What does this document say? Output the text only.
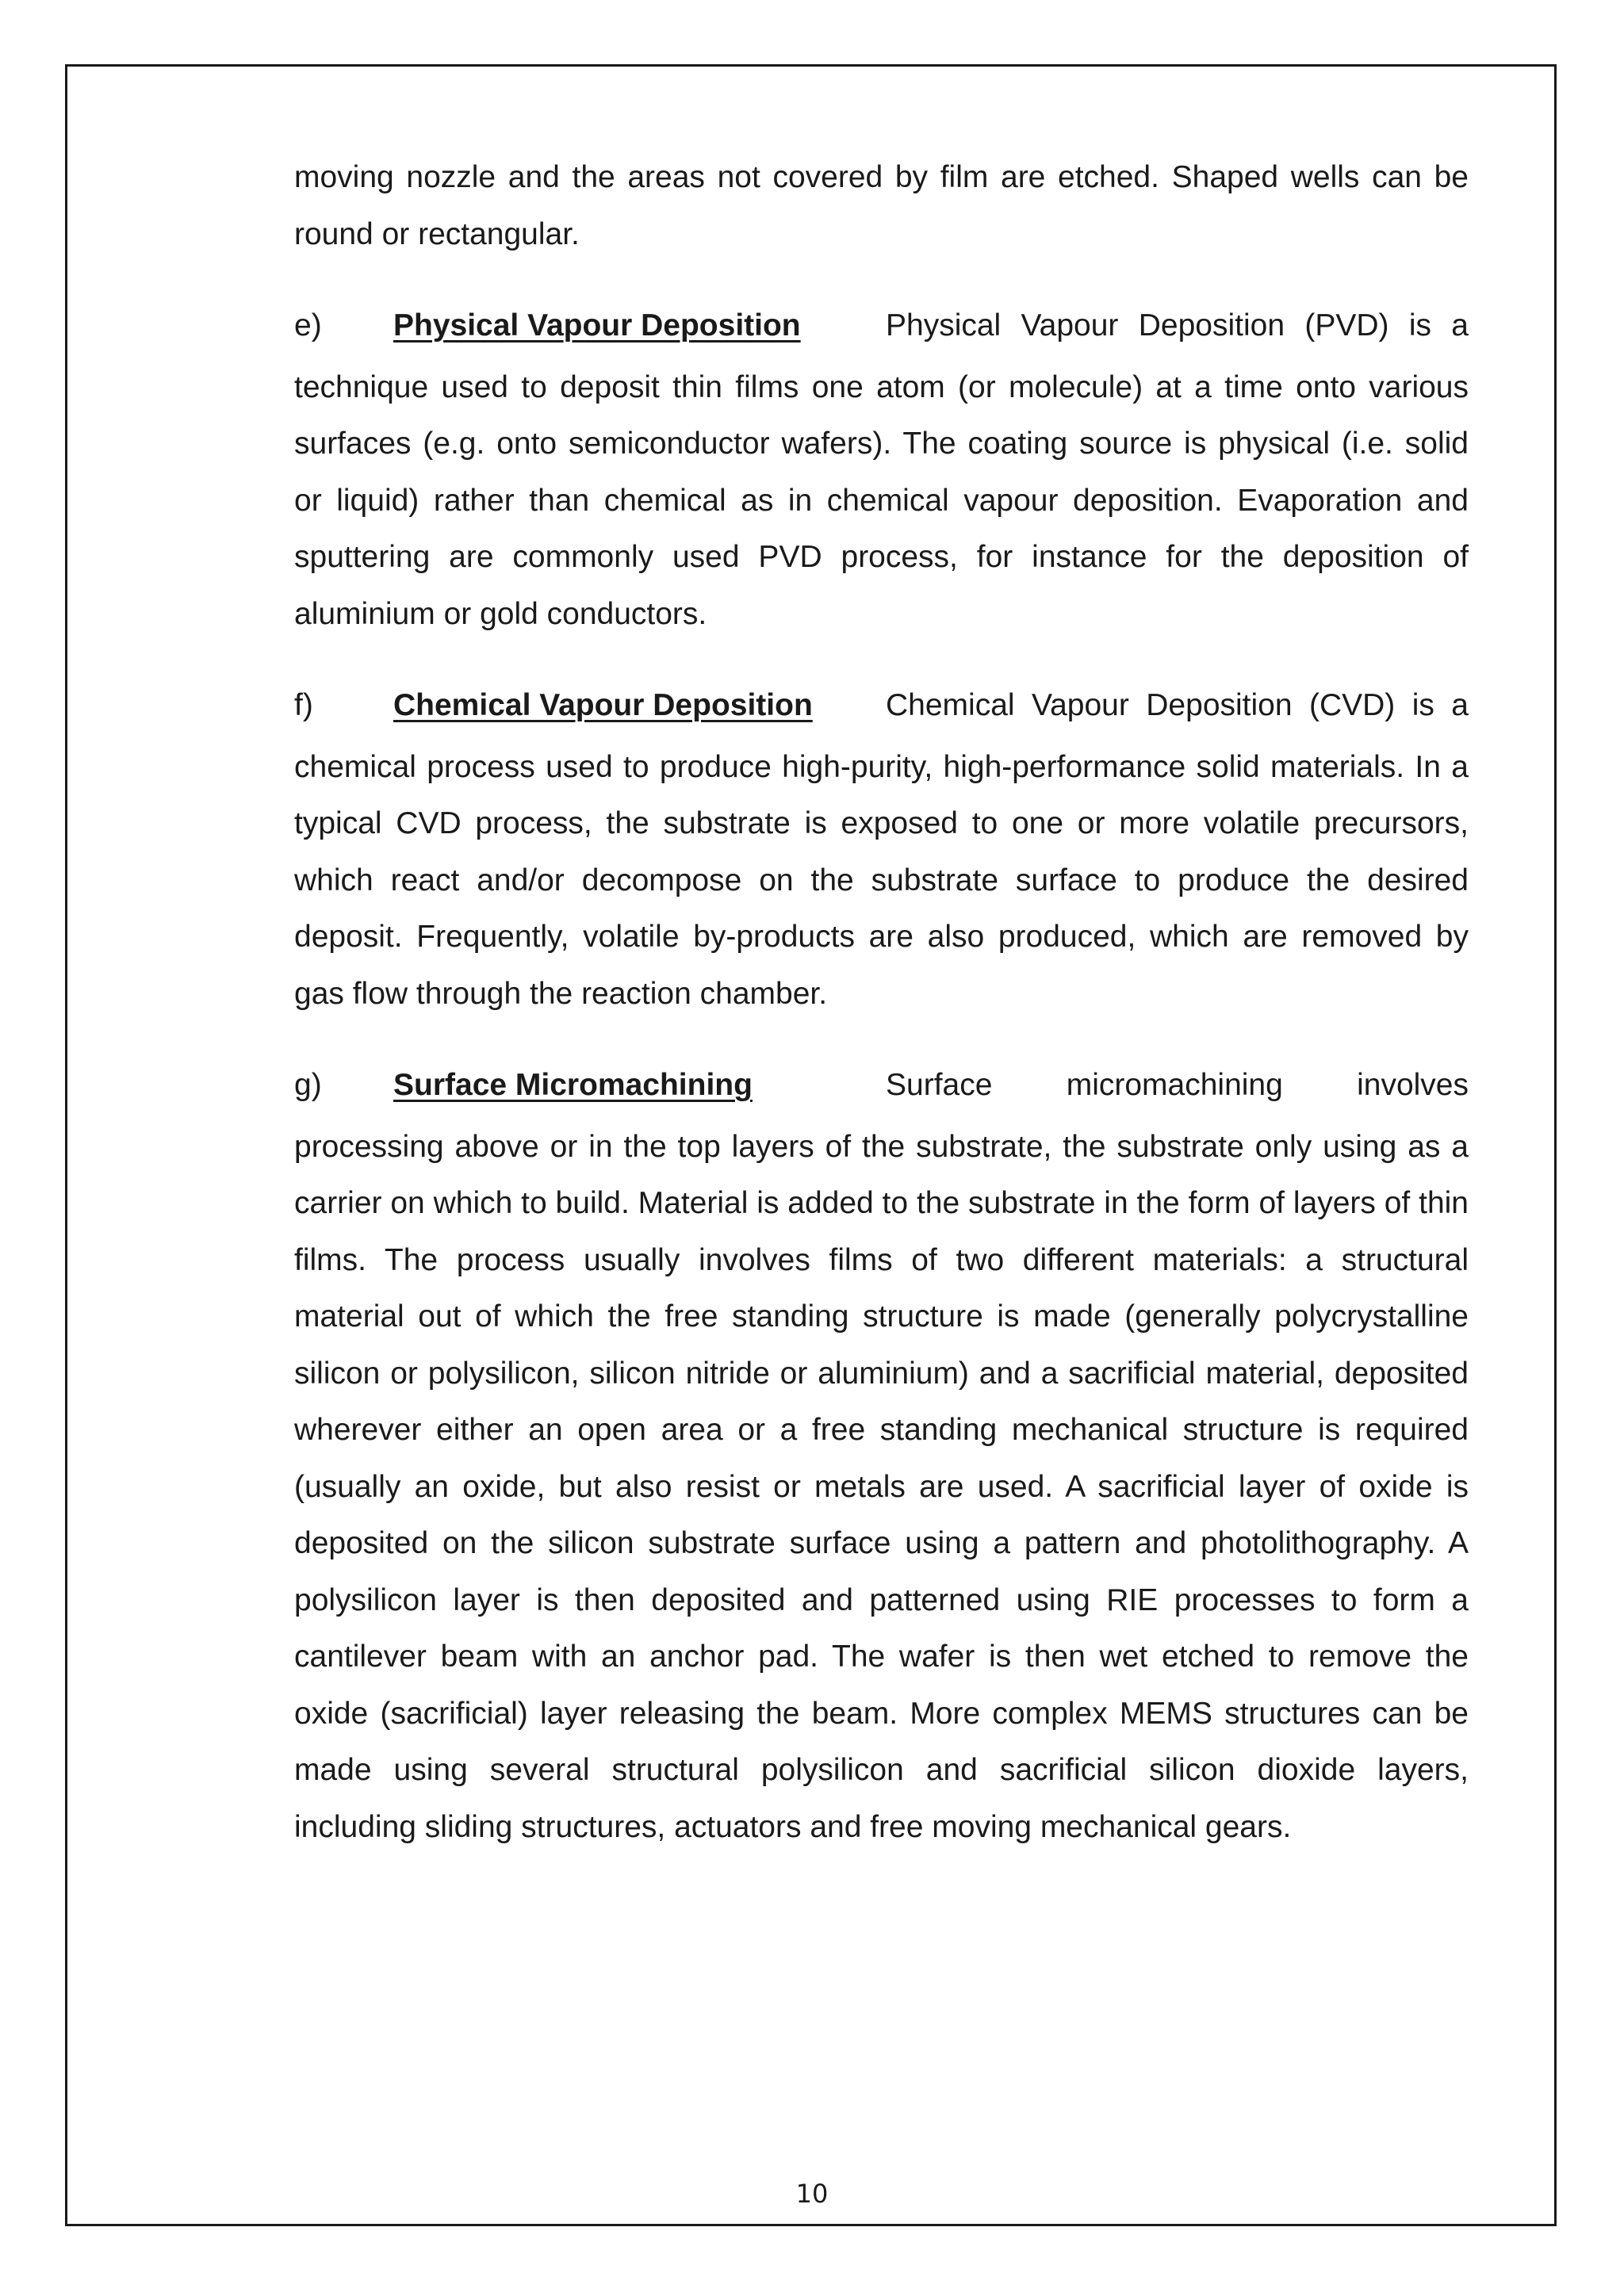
moving nozzle and the areas not covered by film are etched. Shaped wells can be round or rectangular.

e) Physical Vapour Deposition	Physical Vapour Deposition (PVD) is a
technique used to deposit thin films one atom (or molecule) at a time onto various surfaces (e.g. onto semiconductor wafers). The coating source is physical (i.e. solid or liquid) rather than chemical as in chemical vapour deposition. Evaporation and sputtering are commonly used PVD process, for instance for the deposition of aluminium or gold conductors.
f)	Chemical Vapour Deposition Chemical Vapour Deposition (CVD) is a
chemical process used to produce high-purity, high-performance solid materials. In a typical CVD process, the substrate is exposed to one or more volatile precursors, which react and/or decompose on the substrate surface to produce the desired deposit. Frequently, volatile by-products are also produced, which are removed by gas flow through the reaction chamber.
g) Surface Micromachining	Surface micromachining involves
processing above or in the top layers of the substrate, the substrate only using as a carrier on which to build. Material is added to the substrate in the form of layers of thin films. The process usually involves films of two different materials: a structural material out of which the free standing structure is made (generally polycrystalline silicon or polysilicon, silicon nitride or aluminium) and a sacrificial material, deposited wherever either an open area or a free standing mechanical structure is required (usually an oxide, but also resist or metals are used. A sacrificial layer of oxide is deposited on the silicon substrate surface using a pattern and photolithography. A polysilicon layer is then deposited and patterned using RIE processes to form a cantilever beam with an anchor pad. The wafer is then wet etched to remove the oxide (sacrificial) layer releasing the beam. More complex MEMS structures can be made using several structural polysilicon and sacrificial silicon dioxide layers, including sliding structures, actuators and free moving mechanical gears.
10
